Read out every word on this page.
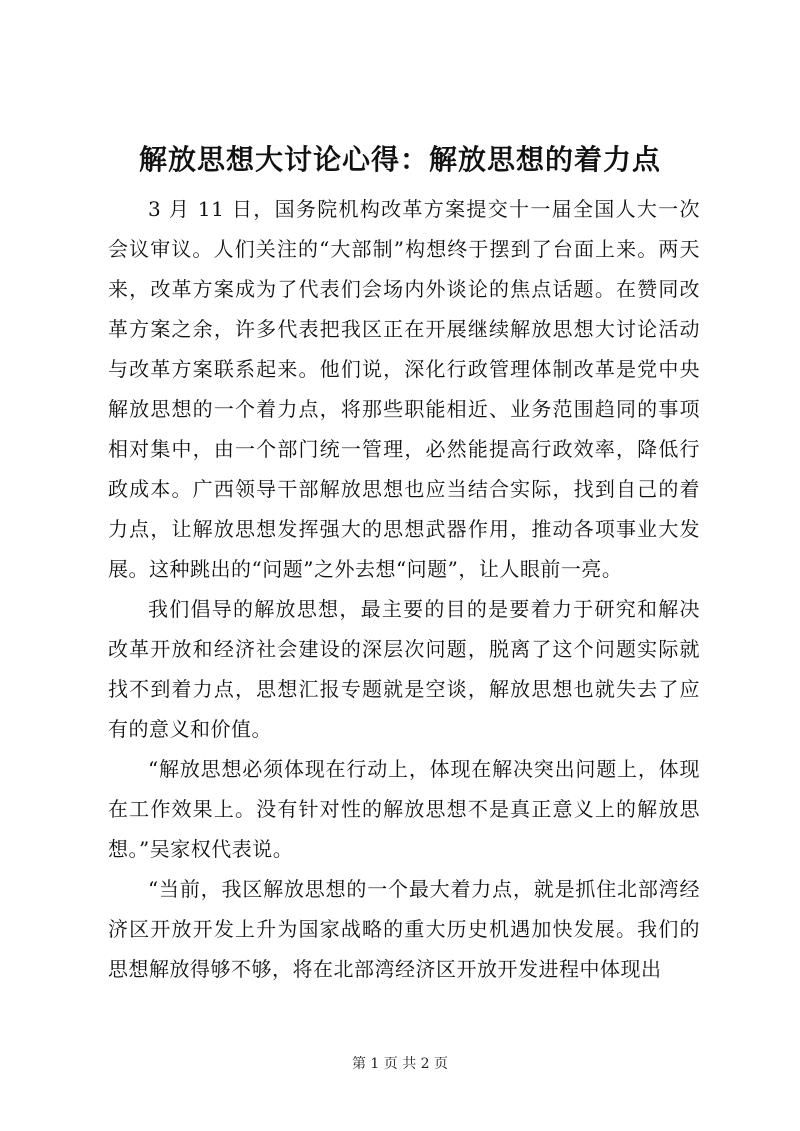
解放思想大讨论心得：解放思想的着力点

3 月 11 日，国务院机构改革方案提交十一届全国人大一次会议审议。人们关注的“大部制”构想终于摆到了台面上来。两天来，改革方案成为了代表们会场内外谈论的焦点话题。在赞同改革方案之余，许多代表把我区正在开展继续解放思想大讨论活动与改革方案联系起来。他们说，深化行政管理体制改革是党中央解放思想的一个着力点，将那些职能相近、业务范围趋同的事项相对集中，由一个部门统一管理，必然能提高行政效率，降低行政成本。广西领导干部解放思想也应当结合实际，找到自己的着力点，让解放思想发挥强大的思想武器作用，推动各项事业大发展。这种跳出的“问题”之外去想“问题”，让人眼前一亮。

我们倡导的解放思想，最主要的目的是要着力于研究和解决改革开放和经济社会建设的深层次问题，脱离了这个问题实际就找不到着力点，思想汇报专题就是空谈，解放思想也就失去了应有的意义和价值。

“解放思想必须体现在行动上，体现在解决突出问题上，体现在工作效果上。没有针对性的解放思想不是真正意义上的解放思想。”吴家权代表说。

“当前，我区解放思想的一个最大着力点，就是抓住北部湾经济区开放开发上升为国家战略的重大历史机遇加快发展。我们的思想解放得够不够，将在北部湾经济区开放开发进程中体现出

第 1 页 共 2 页
